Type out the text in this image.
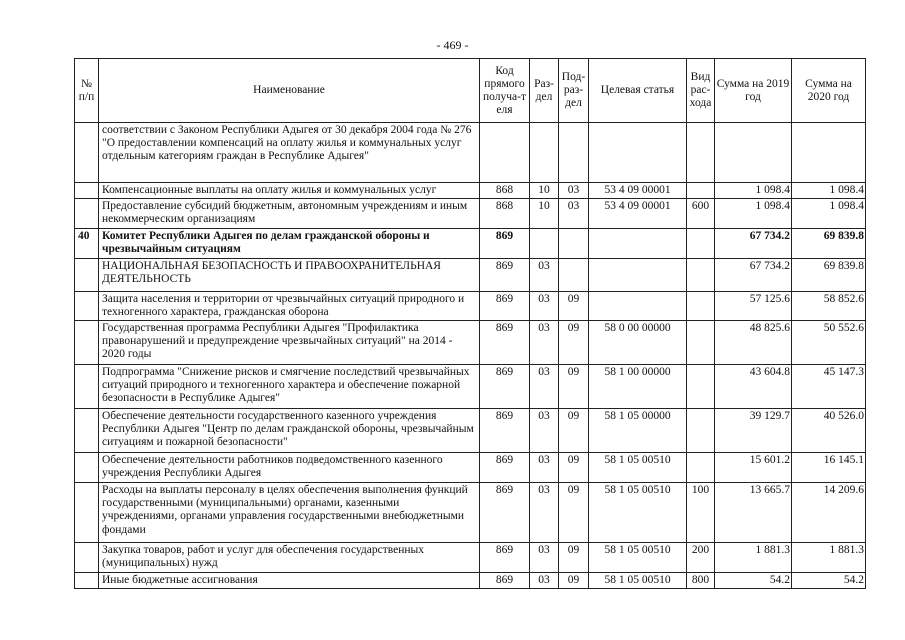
- 469 -
№ п/п	Наименование	Код прямого получа-т еля	Раз-дел	Под-раз-дел	Целевая статья	Вид рас-хода	Сумма на 2019 год	Сумма на 2020 год
	соответствии с Законом Республики Адыгея от 30 декабря 2004 года № 276 "О предоставлении компенсаций на оплату жилья и коммунальных услуг отдельным категориям граждан в Республике Адыгея"							
	Компенсационные выплаты на оплату жилья и коммунальных услуг	868	10	03	53 4 09 00001		1 098.4	1 098.4
	Предоставление субсидий бюджетным, автономным учреждениям и иным некоммерческим организациям	868	10	03	53 4 09 00001	600	1 098.4	1 098.4
40	Комитет Республики Адыгея по делам гражданской обороны и чрезвычайным ситуациям	869					67 734.2	69 839.8
	НАЦИОНАЛЬНАЯ БЕЗОПАСНОСТЬ И ПРАВООХРАНИТЕЛЬНАЯ ДЕЯТЕЛЬНОСТЬ	869	03				67 734.2	69 839.8
	Защита населения и территории от чрезвычайных ситуаций природного и техногенного характера, гражданская оборона	869	03	09			57 125.6	58 852.6
	Государственная программа Республики Адыгея "Профилактика правонарушений и предупреждение чрезвычайных ситуаций" на 2014 - 2020 годы	869	03	09	58 0 00 00000		48 825.6	50 552.6
	Подпрограмма "Снижение рисков и смягчение последствий чрезвычайных ситуаций природного и техногенного характера и обеспечение пожарной безопасности в Республике Адыгея"	869	03	09	58 1 00 00000		43 604.8	45 147.3
	Обеспечение деятельности государственного казенного учреждения Республики Адыгея "Центр по делам гражданской обороны, чрезвычайным ситуациям и пожарной безопасности"	869	03	09	58 1 05 00000		39 129.7	40 526.0
	Обеспечение деятельности работников подведомственного казенного учреждения Республики Адыгея	869	03	09	58 1 05 00510		15 601.2	16 145.1
	Расходы на выплаты персоналу в целях обеспечения выполнения функций государственными (муниципальными) органами, казенными учреждениями, органами управления государственными внебюджетными фондами	869	03	09	58 1 05 00510	100	13 665.7	14 209.6
	Закупка товаров, работ и услуг для обеспечения государственных (муниципальных) нужд	869	03	09	58 1 05 00510	200	1 881.3	1 881.3
	Иные бюджетные ассигнования	869	03	09	58 1 05 00510	800	54.2	54.2
